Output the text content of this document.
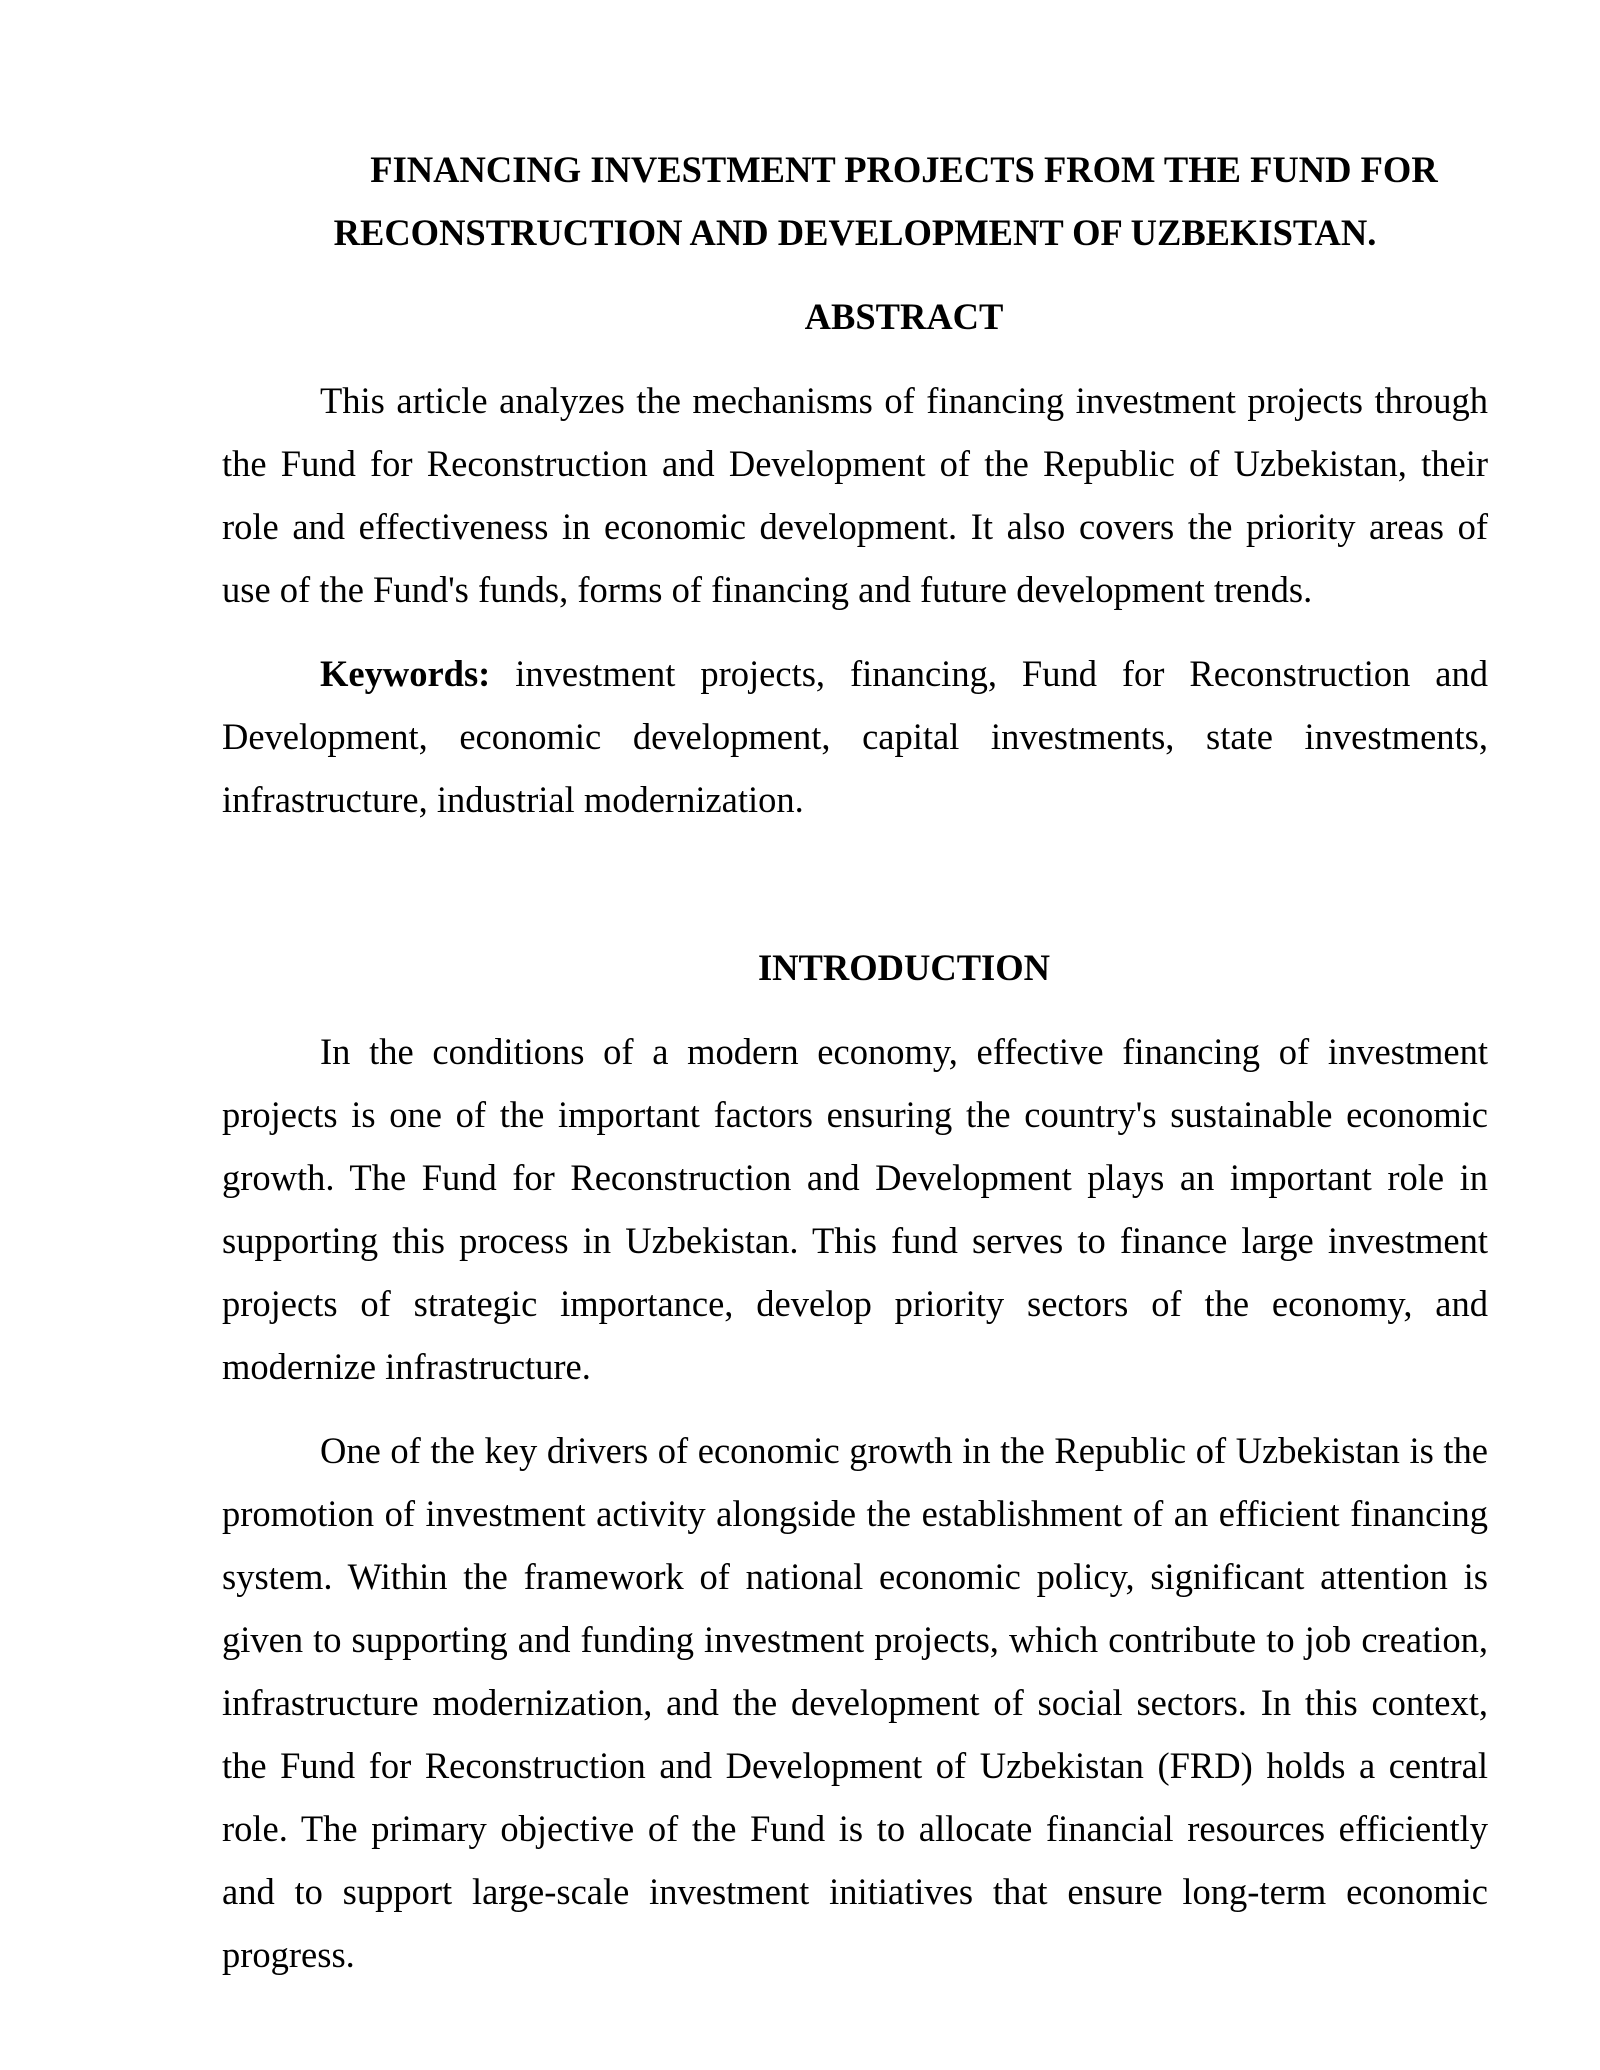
FINANCING INVESTMENT PROJECTS FROM THE FUND FOR RECONSTRUCTION AND DEVELOPMENT OF UZBEKISTAN.

ABSTRACT

This article analyzes the mechanisms of financing investment projects through the Fund for Reconstruction and Development of the Republic of Uzbekistan, their role and effectiveness in economic development. It also covers the priority areas of use of the Fund's funds, forms of financing and future development trends.

Keywords: investment projects, financing, Fund for Reconstruction and Development, economic development, capital investments, state investments, infrastructure, industrial modernization.

INTRODUCTION

In the conditions of a modern economy, effective financing of investment projects is one of the important factors ensuring the country's sustainable economic growth. The Fund for Reconstruction and Development plays an important role in supporting this process in Uzbekistan. This fund serves to finance large investment projects of strategic importance, develop priority sectors of the economy, and modernize infrastructure.

One of the key drivers of economic growth in the Republic of Uzbekistan is the promotion of investment activity alongside the establishment of an efficient financing system. Within the framework of national economic policy, significant attention is given to supporting and funding investment projects, which contribute to job creation, infrastructure modernization, and the development of social sectors. In this context, the Fund for Reconstruction and Development of Uzbekistan (FRD) holds a central role. The primary objective of the Fund is to allocate financial resources efficiently and to support large-scale investment initiatives that ensure long-term economic progress.
